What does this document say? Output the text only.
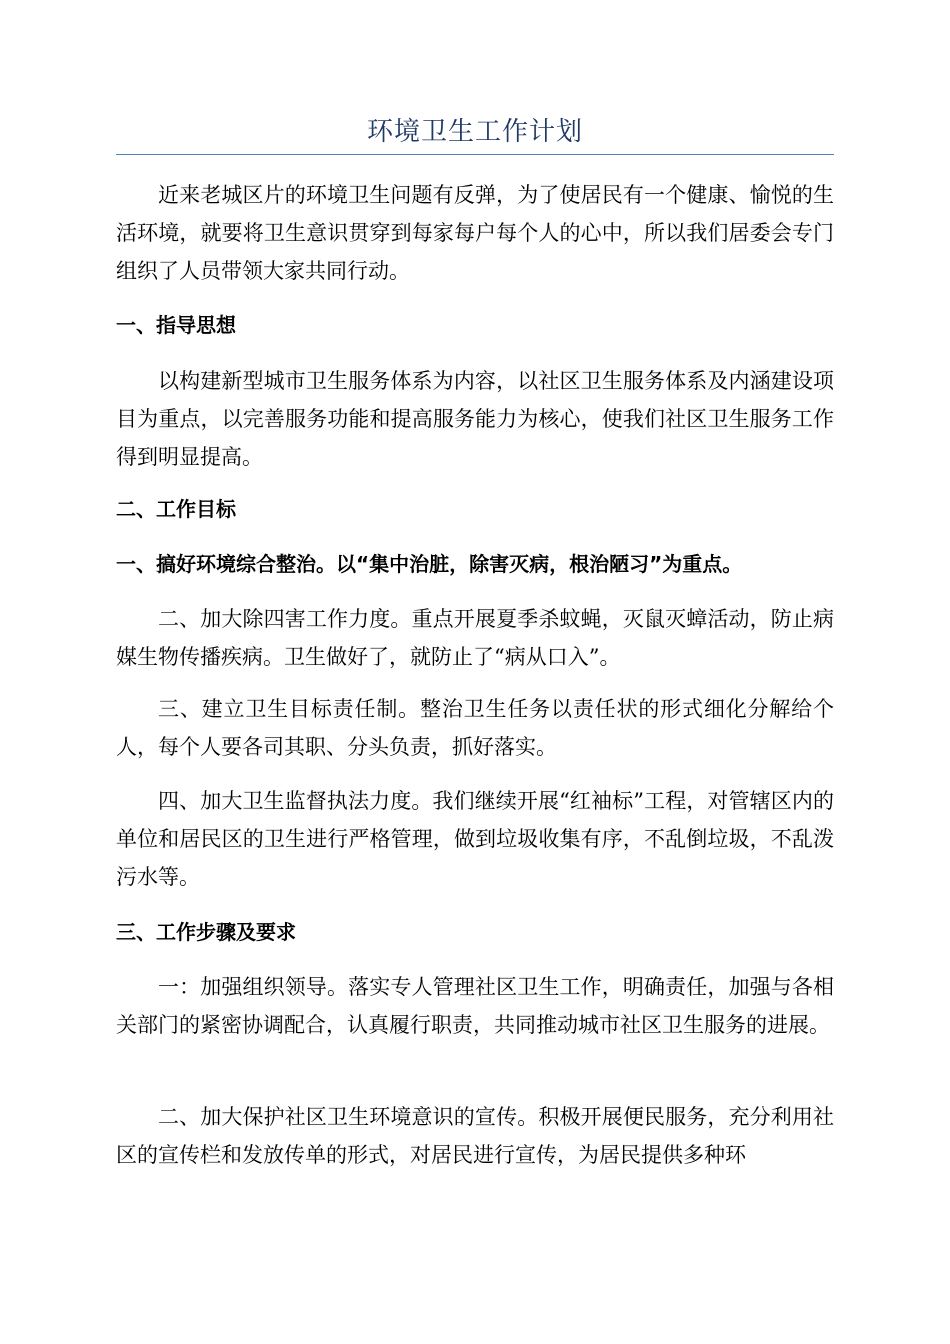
环境卫生工作计划

近来老城区片的环境卫生问题有反弹，为了使居民有一个健康、愉悦的生活环境，就要将卫生意识贯穿到每家每户每个人的心中，所以我们居委会专门组织了人员带领大家共同行动。

一、指导思想

以构建新型城市卫生服务体系为内容，以社区卫生服务体系及内涵建设项目为重点，以完善服务功能和提高服务能力为核心，使我们社区卫生服务工作得到明显提高。

二、工作目标

一、搞好环境综合整治。以“集中治脏，除害灭病，根治陋习”为重点。

二、加大除四害工作力度。重点开展夏季杀蚊蝇，灭鼠灭蟑活动，防止病媒生物传播疾病。卫生做好了，就防止了“病从口入”。

三、建立卫生目标责任制。整治卫生任务以责任状的形式细化分解给个人，每个人要各司其职、分头负责，抓好落实。

四、加大卫生监督执法力度。我们继续开展“红袖标”工程，对管辖区内的单位和居民区的卫生进行严格管理，做到垃圾收集有序，不乱倒垃圾，不乱泼污水等。

三、工作步骤及要求

一：加强组织领导。落实专人管理社区卫生工作，明确责任，加强与各相关部门的紧密协调配合，认真履行职责，共同推动城市社区卫生服务的进展。

二、加大保护社区卫生环境意识的宣传。积极开展便民服务，充分利用社区的宣传栏和发放传单的形式，对居民进行宣传，为居民提供多种环
